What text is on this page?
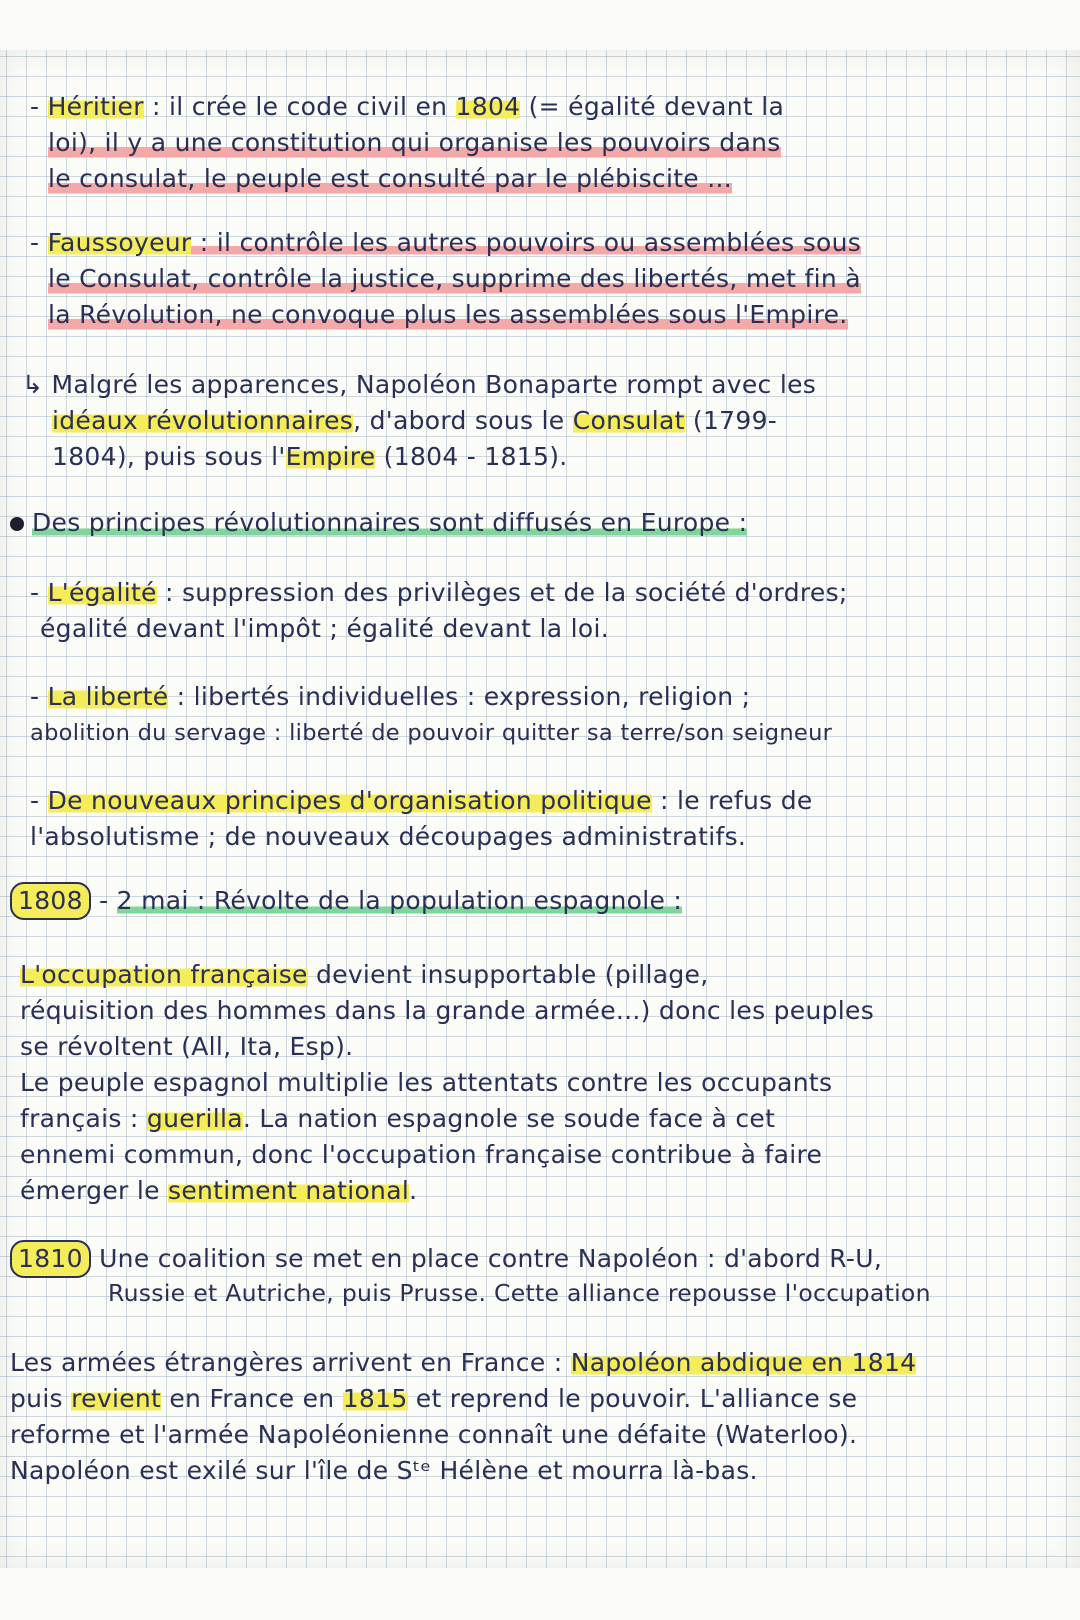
- Héritier : il crée le code civil en 1804 (= égalité devant la
loi), il y a une constitution qui organise les pouvoirs dans
le consulat, le peuple est consulté par le plébiscite ...
- Faussoyeur : il contrôle les autres pouvoirs ou assemblées sous
le Consulat, contrôle la justice, supprime des libertés, met fin à
la Révolution, ne convoque plus les assemblées sous l'Empire.
↳ Malgré les apparences, Napoléon Bonaparte rompt avec les
idéaux révolutionnaires, d'abord sous le Consulat (1799-
1804), puis sous l'Empire (1804 - 1815).
Des principes révolutionnaires sont diffusés en Europe :
- L'égalité : suppression des privilèges et de la société d'ordres;
égalité devant l'impôt ; égalité devant la loi.
- La liberté : libertés individuelles : expression, religion ;
abolition du servage : liberté de pouvoir quitter sa terre/son seigneur
- De nouveaux principes d'organisation politique : le refus de
l'absolutisme ; de nouveaux découpages administratifs.
1808 - 2 mai : Révolte de la population espagnole :
L'occupation française devient insupportable (pillage,
réquisition des hommes dans la grande armée...) donc les peuples
se révoltent (All, Ita, Esp).
Le peuple espagnol multiplie les attentats contre les occupants
français : guerilla. La nation espagnole se soude face à cet
ennemi commun, donc l'occupation française contribue à faire
émerger le sentiment national.
1810 Une coalition se met en place contre Napoléon : d'abord R-U,
Russie et Autriche, puis Prusse. Cette alliance repousse l'occupation
Les armées étrangères arrivent en France : Napoléon abdique en 1814
puis revient en France en 1815 et reprend le pouvoir. L'alliance se
reforme et l'armée Napoléonienne connaît une défaite (Waterloo).
Napoléon est exilé sur l'île de Sᵗᵉ Hélène et mourra là-bas.
